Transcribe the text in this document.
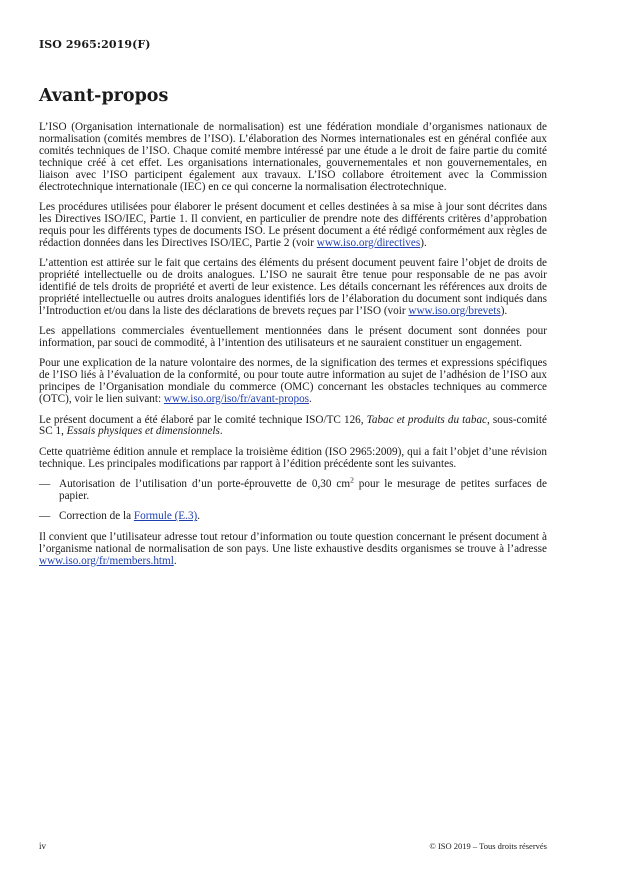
ISO 2965:2019(F)
Avant-propos

L’ISO (Organisation internationale de normalisation) est une fédération mondiale d’organismes nationaux de normalisation (comités membres de l’ISO). L’élaboration des Normes internationales est en général confiée aux comités techniques de l’ISO. Chaque comité membre intéressé par une étude a le droit de faire partie du comité technique créé à cet effet. Les organisations internationales, gouvernementales et non gouvernementales, en liaison avec l’ISO participent également aux travaux. L’ISO collabore étroitement avec la Commission électrotechnique internationale (IEC) en ce qui concerne la normalisation électrotechnique.

Les procédures utilisées pour élaborer le présent document et celles destinées à sa mise à jour sont décrites dans les Directives ISO/IEC, Partie 1. Il convient, en particulier de prendre note des différents critères d’approbation requis pour les différents types de documents ISO. Le présent document a été rédigé conformément aux règles de rédaction données dans les Directives ISO/IEC, Partie 2 (voir www.iso.org/directives).

L’attention est attirée sur le fait que certains des éléments du présent document peuvent faire l’objet de droits de propriété intellectuelle ou de droits analogues. L’ISO ne saurait être tenue pour responsable de ne pas avoir identifié de tels droits de propriété et averti de leur existence. Les détails concernant les références aux droits de propriété intellectuelle ou autres droits analogues identifiés lors de l’élaboration du document sont indiqués dans l’Introduction et/ou dans la liste des déclarations de brevets reçues par l’ISO (voir www.iso.org/brevets).

Les appellations commerciales éventuellement mentionnées dans le présent document sont données pour information, par souci de commodité, à l’intention des utilisateurs et ne sauraient constituer un engagement.

Pour une explication de la nature volontaire des normes, de la signification des termes et expressions spécifiques de l’ISO liés à l’évaluation de la conformité, ou pour toute autre information au sujet de l’adhésion de l’ISO aux principes de l’Organisation mondiale du commerce (OMC) concernant les obstacles techniques au commerce (OTC), voir le lien suivant: www.iso.org/iso/fr/avant-propos.

Le présent document a été élaboré par le comité technique ISO/TC 126, Tabac et produits du tabac, sous-comité SC 1, Essais physiques et dimensionnels.

Cette quatrième édition annule et remplace la troisième édition (ISO 2965:2009), qui a fait l’objet d’une révision technique. Les principales modifications par rapport à l’édition précédente sont les suivantes.

— Autorisation de l’utilisation d’un porte-éprouvette de 0,30 $cm^2$ pour le mesurage de petites surfaces de papier.
— Correction de la Formule (E.3).

Il convient que l’utilisateur adresse tout retour d’information ou toute question concernant le présent document à l’organisme national de normalisation de son pays. Une liste exhaustive desdits organismes se trouve à l’adresse www.iso.org/fr/members.html.

iv	© ISO 2019 – Tous droits réservés
